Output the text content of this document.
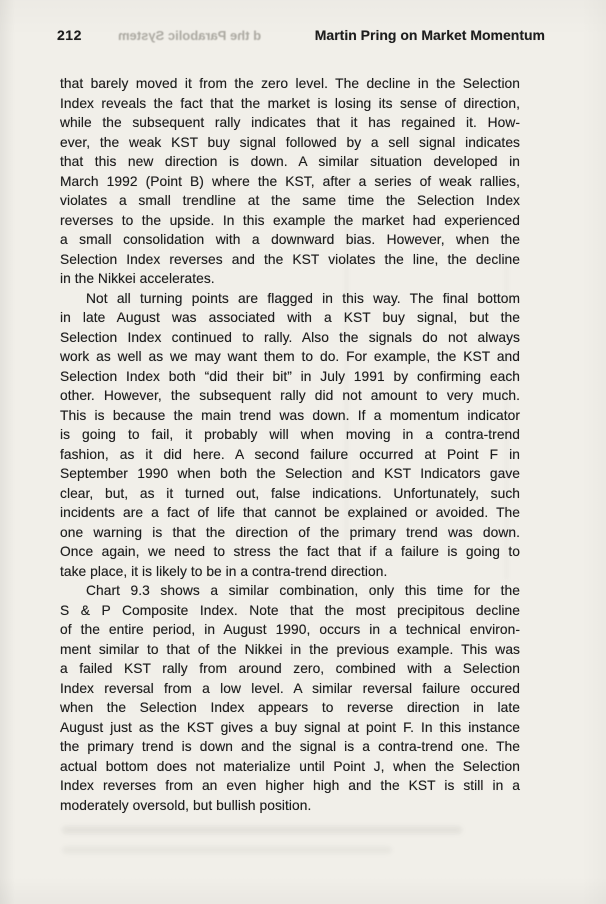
212	d the Parabolic System	Martin Pring on Market Momentum
that barely moved it from the zero level. The decline in the Selection
Index reveals the fact that the market is losing its sense of direction,
while the subsequent rally indicates that it has regained it. How-
ever, the weak KST buy signal followed by a sell signal indicates
that this new direction is down. A similar situation developed in
March 1992 (Point B) where the KST, after a series of weak rallies,
violates a small trendline at the same time the Selection Index
reverses to the upside. In this example the market had experienced
a small consolidation with a downward bias. However, when the
Selection Index reverses and the KST violates the line, the decline
in the Nikkei accelerates.
Not all turning points are flagged in this way. The final bottom
in late August was associated with a KST buy signal, but the
Selection Index continued to rally. Also the signals do not always
work as well as we may want them to do. For example, the KST and
Selection Index both “did their bit” in July 1991 by confirming each
other. However, the subsequent rally did not amount to very much.
This is because the main trend was down. If a momentum indicator
is going to fail, it probably will when moving in a contra-trend
fashion, as it did here. A second failure occurred at Point F in
September 1990 when both the Selection and KST Indicators gave
clear, but, as it turned out, false indications. Unfortunately, such
incidents are a fact of life that cannot be explained or avoided. The
one warning is that the direction of the primary trend was down.
Once again, we need to stress the fact that if a failure is going to
take place, it is likely to be in a contra-trend direction.
Chart 9.3 shows a similar combination, only this time for the
S & P Composite Index. Note that the most precipitous decline
of the entire period, in August 1990, occurs in a technical environ-
ment similar to that of the Nikkei in the previous example. This was
a failed KST rally from around zero, combined with a Selection
Index reversal from a low level. A similar reversal failure occured
when the Selection Index appears to reverse direction in late
August just as the KST gives a buy signal at point F. In this instance
the primary trend is down and the signal is a contra-trend one. The
actual bottom does not materialize until Point J, when the Selection
Index reverses from an even higher high and the KST is still in a
moderately oversold, but bullish position.
